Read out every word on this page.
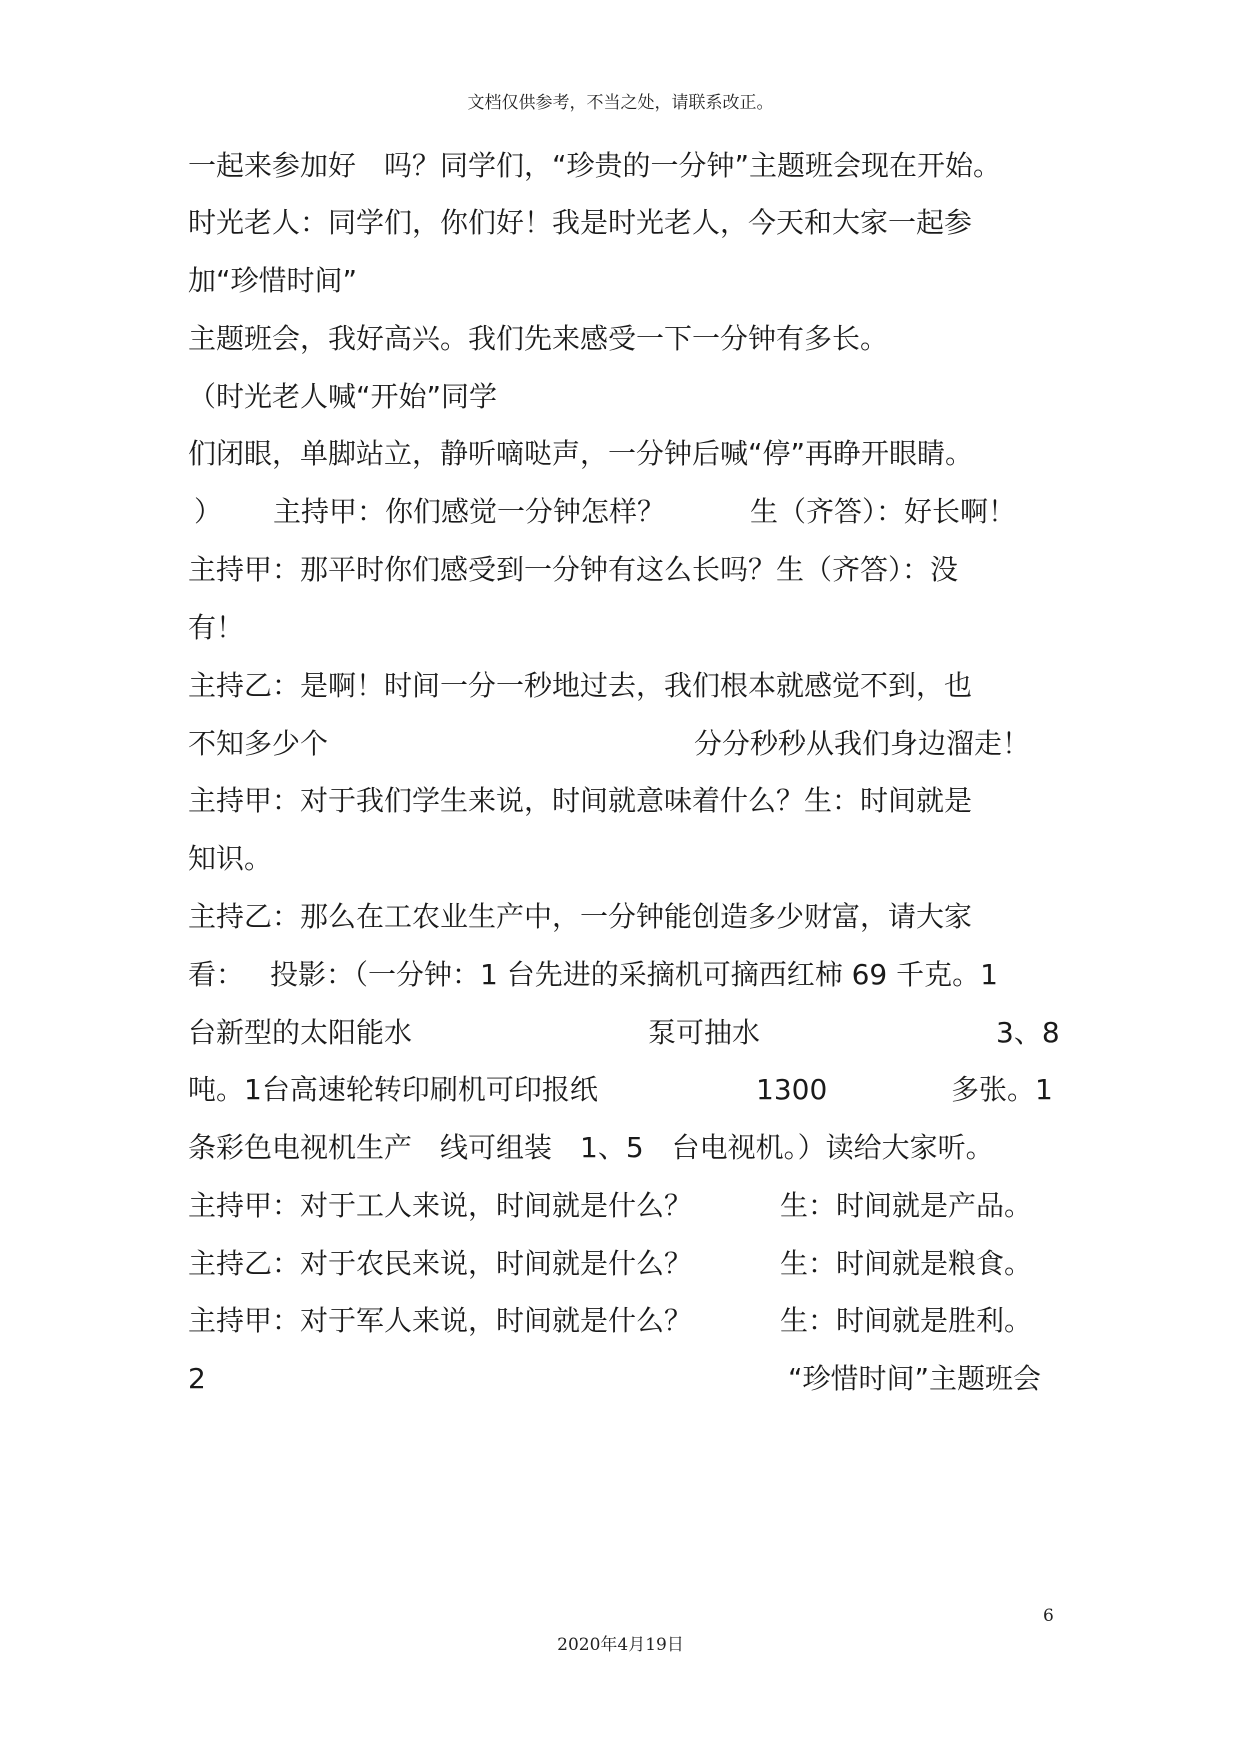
文档仅供参考，不当之处，请联系改正。

一起来参加好　吗？同学们，“珍贵的一分钟”主题班会现在开始。

时光老人：同学们，你们好！我是时光老人，今天和大家一起参

加“珍惜时间”

主题班会，我好高兴。我们先来感受一下一分钟有多长。

（时光老人喊“开始”同学

们闭眼，单脚站立，静听嘀哒声，一分钟后喊“停”再睁开眼睛。

）

主持甲：你们感觉一分钟怎样？

	生（齐答）：好长啊！

主持甲：那平时你们感受到一分钟有这么长吗？生（齐答）：没

有！

主持乙：是啊！时间一分一秒地过去，我们根本就感觉不到，也

不知多少个

	分分秒秒从我们身边溜走！

主持甲：对于我们学生来说，时间就意味着什么？生：时间就是

知识。

主持乙：那么在工农业生产中，一分钟能创造多少财富，请大家

看：

投影：（一分钟：1 台先进的采摘机可摘西红柿 69 千克。1

台新型的太阳能水

	泵可抽水

	3、8

吨。1台高速轮转印刷机可印报纸

	1300

	多张。1

条彩色电视机生产　线可组装　1、5　台电视机。）读给大家听。

主持甲：对于工人来说，时间就是什么？

	生：时间就是产品。

主持乙：对于农民来说，时间就是什么？

	生：时间就是粮食。

主持甲：对于军人来说，时间就是什么？

	生：时间就是胜利。

2

	“珍惜时间”主题班会

6
2020年4月19日
